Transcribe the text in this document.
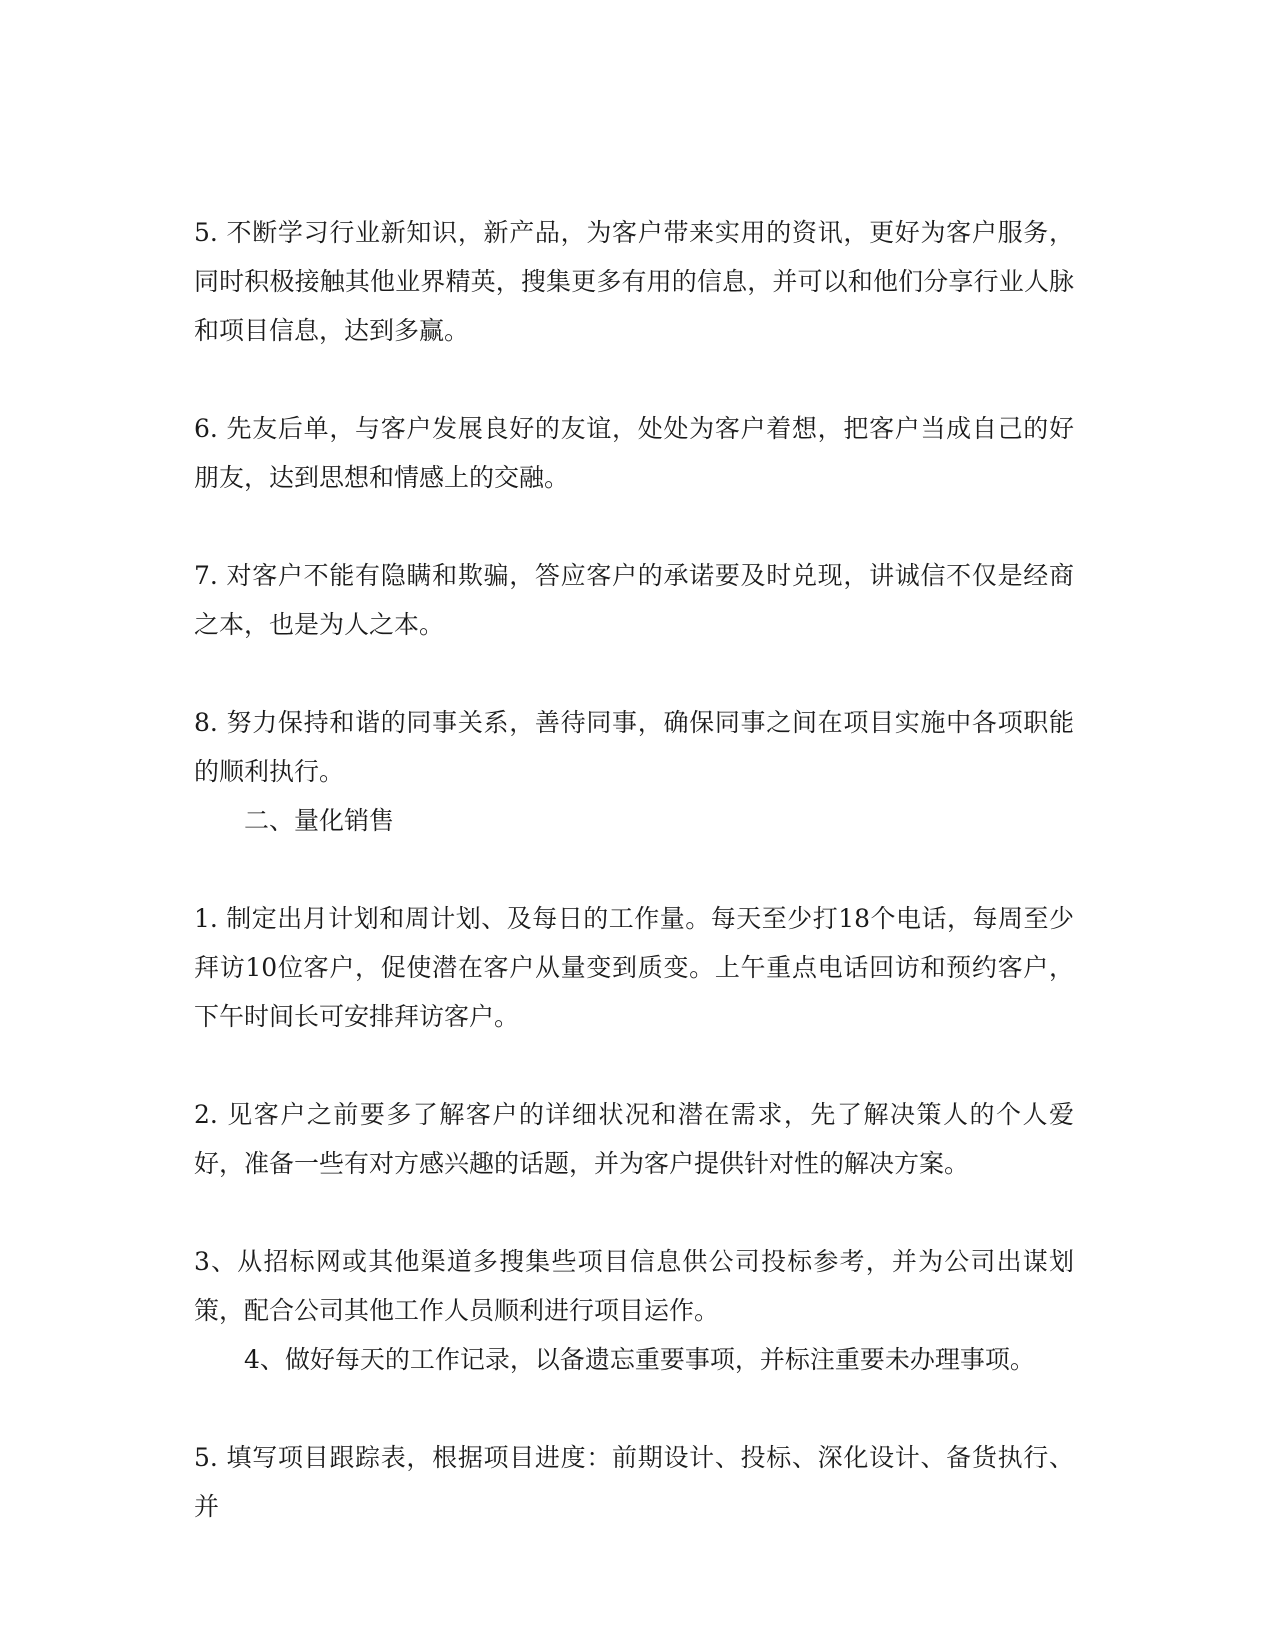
5. 不断学习行业新知识，新产品，为客户带来实用的资讯，更好为客户服务，同时积极接触其他业界精英，搜集更多有用的信息，并可以和他们分享行业人脉和项目信息，达到多赢。

6. 先友后单，与客户发展良好的友谊，处处为客户着想，把客户当成自己的好朋友，达到思想和情感上的交融。

7. 对客户不能有隐瞒和欺骗，答应客户的承诺要及时兑现，讲诚信不仅是经商之本，也是为人之本。

8. 努力保持和谐的同事关系，善待同事，确保同事之间在项目实施中各项职能的顺利执行。

二、量化销售

1. 制定出月计划和周计划、及每日的工作量。每天至少打18个电话，每周至少拜访10位客户，促使潜在客户从量变到质变。上午重点电话回访和预约客户，下午时间长可安排拜访客户。

2. 见客户之前要多了解客户的详细状况和潜在需求，先了解决策人的个人爱好，准备一些有对方感兴趣的话题，并为客户提供针对性的解决方案。

3、从招标网或其他渠道多搜集些项目信息供公司投标参考，并为公司出谋划策，配合公司其他工作人员顺利进行项目运作。

4、做好每天的工作记录，以备遗忘重要事项，并标注重要未办理事项。

5. 填写项目跟踪表，根据项目进度：前期设计、投标、深化设计、备货执行、并
